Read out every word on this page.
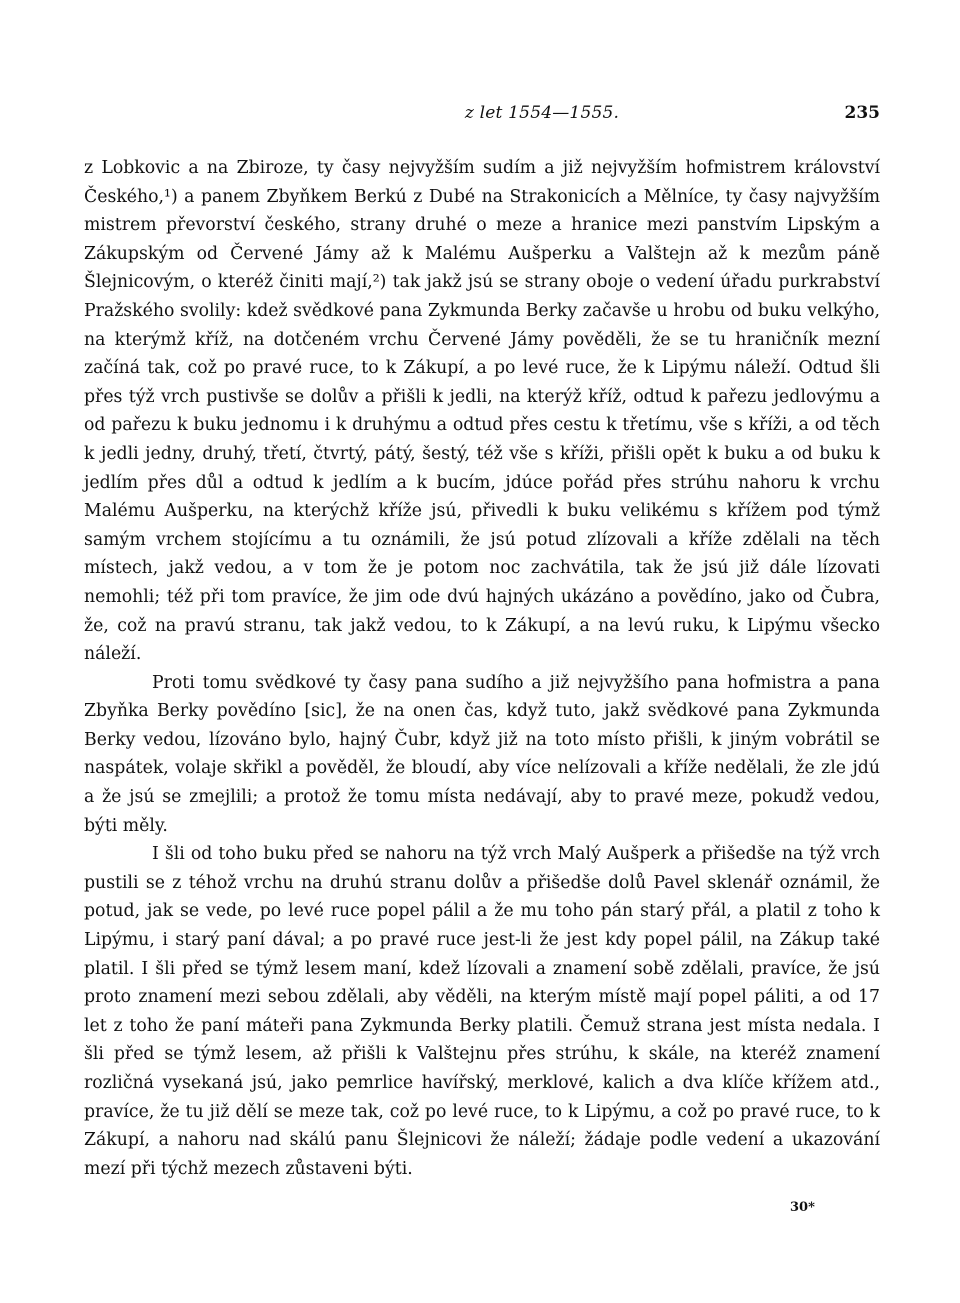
z let 1554—1555.	235

z Lobkovic a na Zbiroze, ty časy nejvyžším sudím a již nejvyžším hofmistrem království Českého,¹) a panem Zbyňkem Berkú z Dubé na Strakonicích a Mělníce, ty časy najvyžším mistrem převorství českého, strany druhé o meze a hranice mezi panstvím Lipským a Zákupským od Červené Jámy až k Malému Aušperku a Valštejn až k mezům páně Šlejnicovým, o kteréž činiti mají,²) tak jakž jsú se strany oboje o vedení úřadu purkrabství Pražského svolily: kdež svědkové pana Zykmunda Berky začavše u hrobu od buku velkýho, na kterýmž kříž, na dotčeném vrchu Červené Jámy pověděli, že se tu hraničník mezní začíná tak, což po pravé ruce, to k Zákupí, a po levé ruce, že k Lipýmu náleží. Odtud šli přes týž vrch pustivše se dolův a přišli k jedli, na kterýž kříž, odtud k pařezu jedlovýmu a od pařezu k buku jednomu i k druhýmu a odtud přes cestu k třetímu, vše s kříži, a od těch k jedli jedny, druhý, třetí, čtvrtý, pátý, šestý, též vše s kříži, přišli opět k buku a od buku k jedlím přes důl a odtud k jedlím a k bucím, jdúce pořád přes strúhu nahoru k vrchu Malému Aušperku, na kterýchž kříže jsú, přivedli k buku velikému s křížem pod týmž samým vrchem stojícímu a tu oznámili, že jsú potud zlízovali a kříže zdělali na těch místech, jakž vedou, a v tom že je potom noc zachvátila, tak že jsú již dále lízovati nemohli; též při tom pravíce, že jim ode dvú hajných ukázáno a povědíno, jako od Čubra, že, což na pravú stranu, tak jakž vedou, to k Zákupí, a na levú ruku, k Lipýmu všecko náleží.

Proti tomu svědkové ty časy pana sudího a již nejvyžšího pana hofmistra a pana Zbyňka Berky povědíno [sic], že na onen čas, když tuto, jakž svědkové pana Zykmunda Berky vedou, lízováno bylo, hajný Čubr, když již na toto místo přišli, k jiným vobrátil se naspátek, volaje skřikl a pověděl, že bloudí, aby více nelízovali a kříže nedělali, že zle jdú a že jsú se zmejlili; a protož že tomu místa nedávají, aby to pravé meze, pokudž vedou, býti měly.

I šli od toho buku před se nahoru na týž vrch Malý Aušperk a přišedše na týž vrch pustili se z téhož vrchu na druhú stranu dolův a přišedše dolů Pavel sklenář oznámil, že potud, jak se vede, po levé ruce popel pálil a že mu toho pán starý přál, a platil z toho k Lipýmu, i starý paní dával; a po pravé ruce jest-li že jest kdy popel pálil, na Zákup také platil. I šli před se týmž lesem maní, kdež lízovali a znamení sobě zdělali, pravíce, že jsú proto znamení mezi sebou zdělali, aby věděli, na kterým místě mají popel páliti, a od 17 let z toho že paní máteři pana Zykmunda Berky platili. Čemuž strana jest místa nedala. I šli před se týmž lesem, až přišli k Valštejnu přes strúhu, k skále, na kteréž znamení rozličná vysekaná jsú, jako pemrlice havířský, merklové, kalich a dva klíče křížem atd., pravíce, že tu již dělí se meze tak, což po levé ruce, to k Lipýmu, a což po pravé ruce, to k Zákupí, a nahoru nad skálú panu Šlejnicovi že náleží; žádaje podle vedení a ukazování mezí při týchž mezech zůstaveni býti.

30*
